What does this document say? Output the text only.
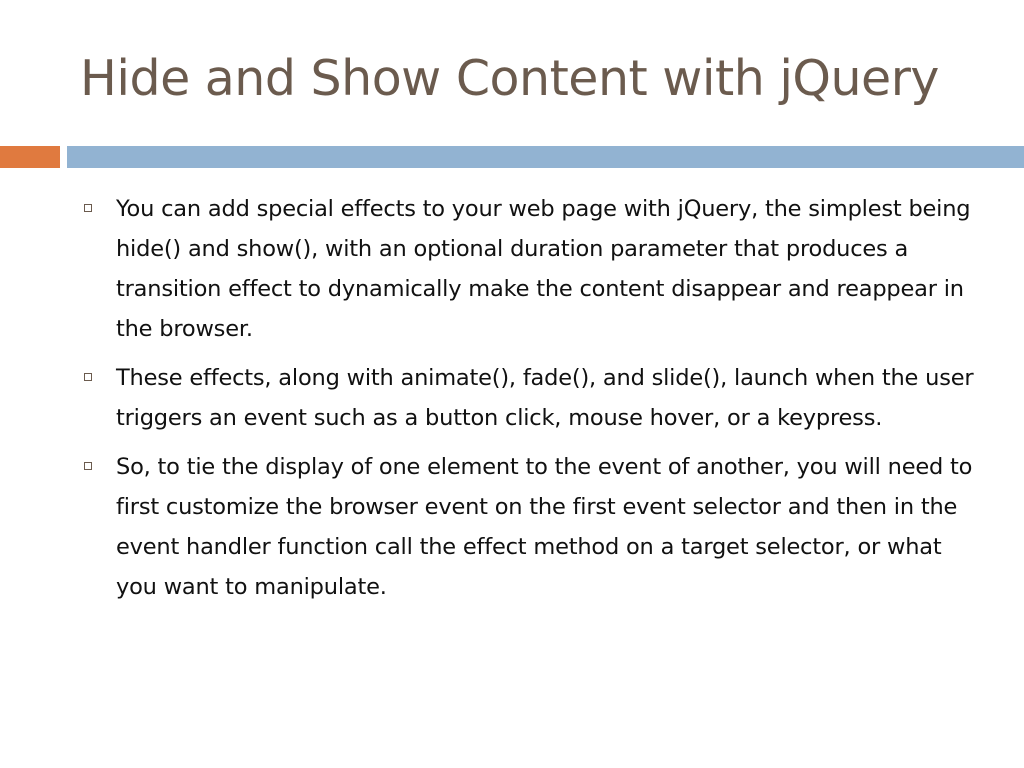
Hide and Show Content with jQuery
You can add special effects to your web page with jQuery, the simplest being hide() and show(), with an optional duration parameter that produces a transition effect to dynamically make the content disappear and reappear in the browser.
These effects, along with animate(), fade(), and slide(), launch when the user triggers an event such as a button click, mouse hover, or a keypress.
So, to tie the display of one element to the event of another, you will need to first customize the browser event on the first event selector and then in the event handler function call the effect method on a target selector, or what you want to manipulate.
